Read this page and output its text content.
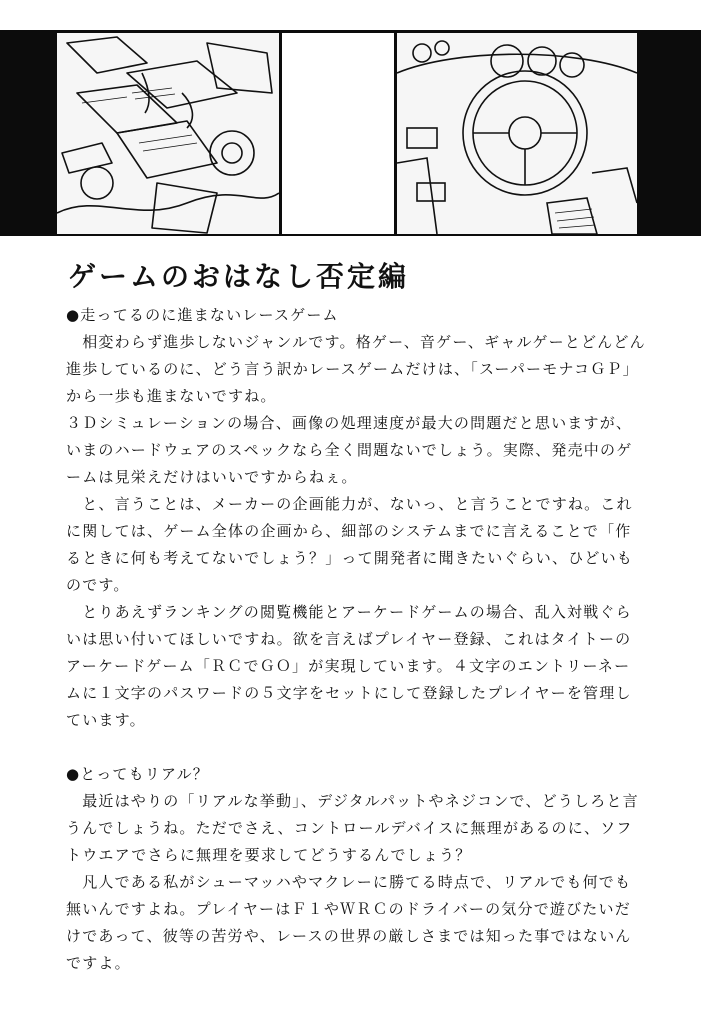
ゲームのおはなし否定編

●走ってるのに進まないレースゲーム

　相変わらず進歩しないジャンルです。格ゲー、音ゲー、ギャルゲーとどんどん進歩しているのに、どう言う訳かレースゲームだけは、「スーパーモナコＧＰ」から一歩も進まないですね。

３Ｄシミュレーションの場合、画像の処理速度が最大の問題だと思いますが、いまのハードウェアのスペックなら全く問題ないでしょう。実際、発売中のゲームは見栄えだけはいいですからねぇ。

　と、言うことは、メーカーの企画能力が、ないっ、と言うことですね。これに関しては、ゲーム全体の企画から、細部のシステムまでに言えることで「作るときに何も考えてないでしょう？」って開発者に聞きたいぐらい、ひどいものです。

　とりあえずランキングの閲覧機能とアーケードゲームの場合、乱入対戦ぐらいは思い付いてほしいですね。欲を言えばプレイヤー登録、これはタイトーのアーケードゲーム「ＲＣでＧＯ」が実現しています。４文字のエントリーネームに１文字のパスワードの５文字をセットにして登録したプレイヤーを管理しています。

●とってもリアル？

　最近はやりの「リアルな挙動」、デジタルパットやネジコンで、どうしろと言うんでしょうね。ただでさえ、コントロールデバイスに無理があるのに、ソフトウエアでさらに無理を要求してどうするんでしょう？

　凡人である私がシューマッハやマクレーに勝てる時点で、リアルでも何でも無いんですよね。プレイヤーはＦ１やＷＲＣのドライバーの気分で遊びたいだけであって、彼等の苦労や、レースの世界の厳しさまでは知った事ではないんですよ。
